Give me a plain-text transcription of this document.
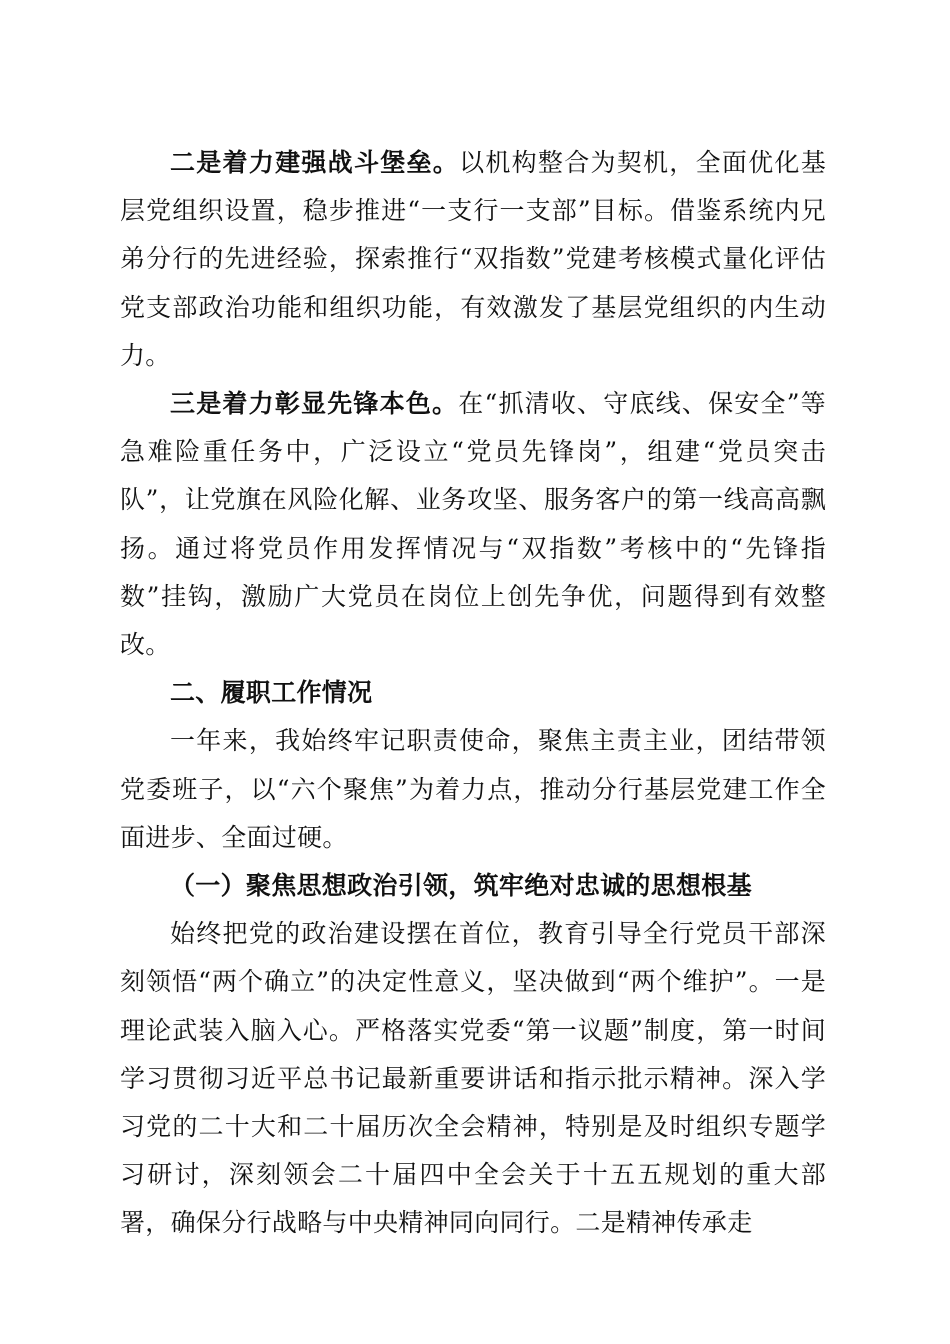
二是着力建强战斗堡垒。以机构整合为契机，全面优化基层党组织设置，稳步推进“一支行一支部”目标。借鉴系统内兄弟分行的先进经验，探索推行“双指数”党建考核模式量化评估党支部政治功能和组织功能，有效激发了基层党组织的内生动力。

三是着力彰显先锋本色。在“抓清收、守底线、保安全”等急难险重任务中，广泛设立“党员先锋岗”，组建“党员突击队”，让党旗在风险化解、业务攻坚、服务客户的第一线高高飘扬。通过将党员作用发挥情况与“双指数”考核中的“先锋指数”挂钩，激励广大党员在岗位上创先争优，问题得到有效整改。

二、履职工作情况

一年来，我始终牢记职责使命，聚焦主责主业，团结带领党委班子，以“六个聚焦”为着力点，推动分行基层党建工作全面进步、全面过硬。

（一）聚焦思想政治引领，筑牢绝对忠诚的思想根基

始终把党的政治建设摆在首位，教育引导全行党员干部深刻领悟“两个确立”的决定性意义，坚决做到“两个维护”。一是理论武装入脑入心。严格落实党委“第一议题”制度，第一时间学习贯彻习近平总书记最新重要讲话和指示批示精神。深入学习党的二十大和二十届历次全会精神，特别是及时组织专题学习研讨，深刻领会二十届四中全会关于十五五规划的重大部署，确保分行战略与中央精神同向同行。二是精神传承走
